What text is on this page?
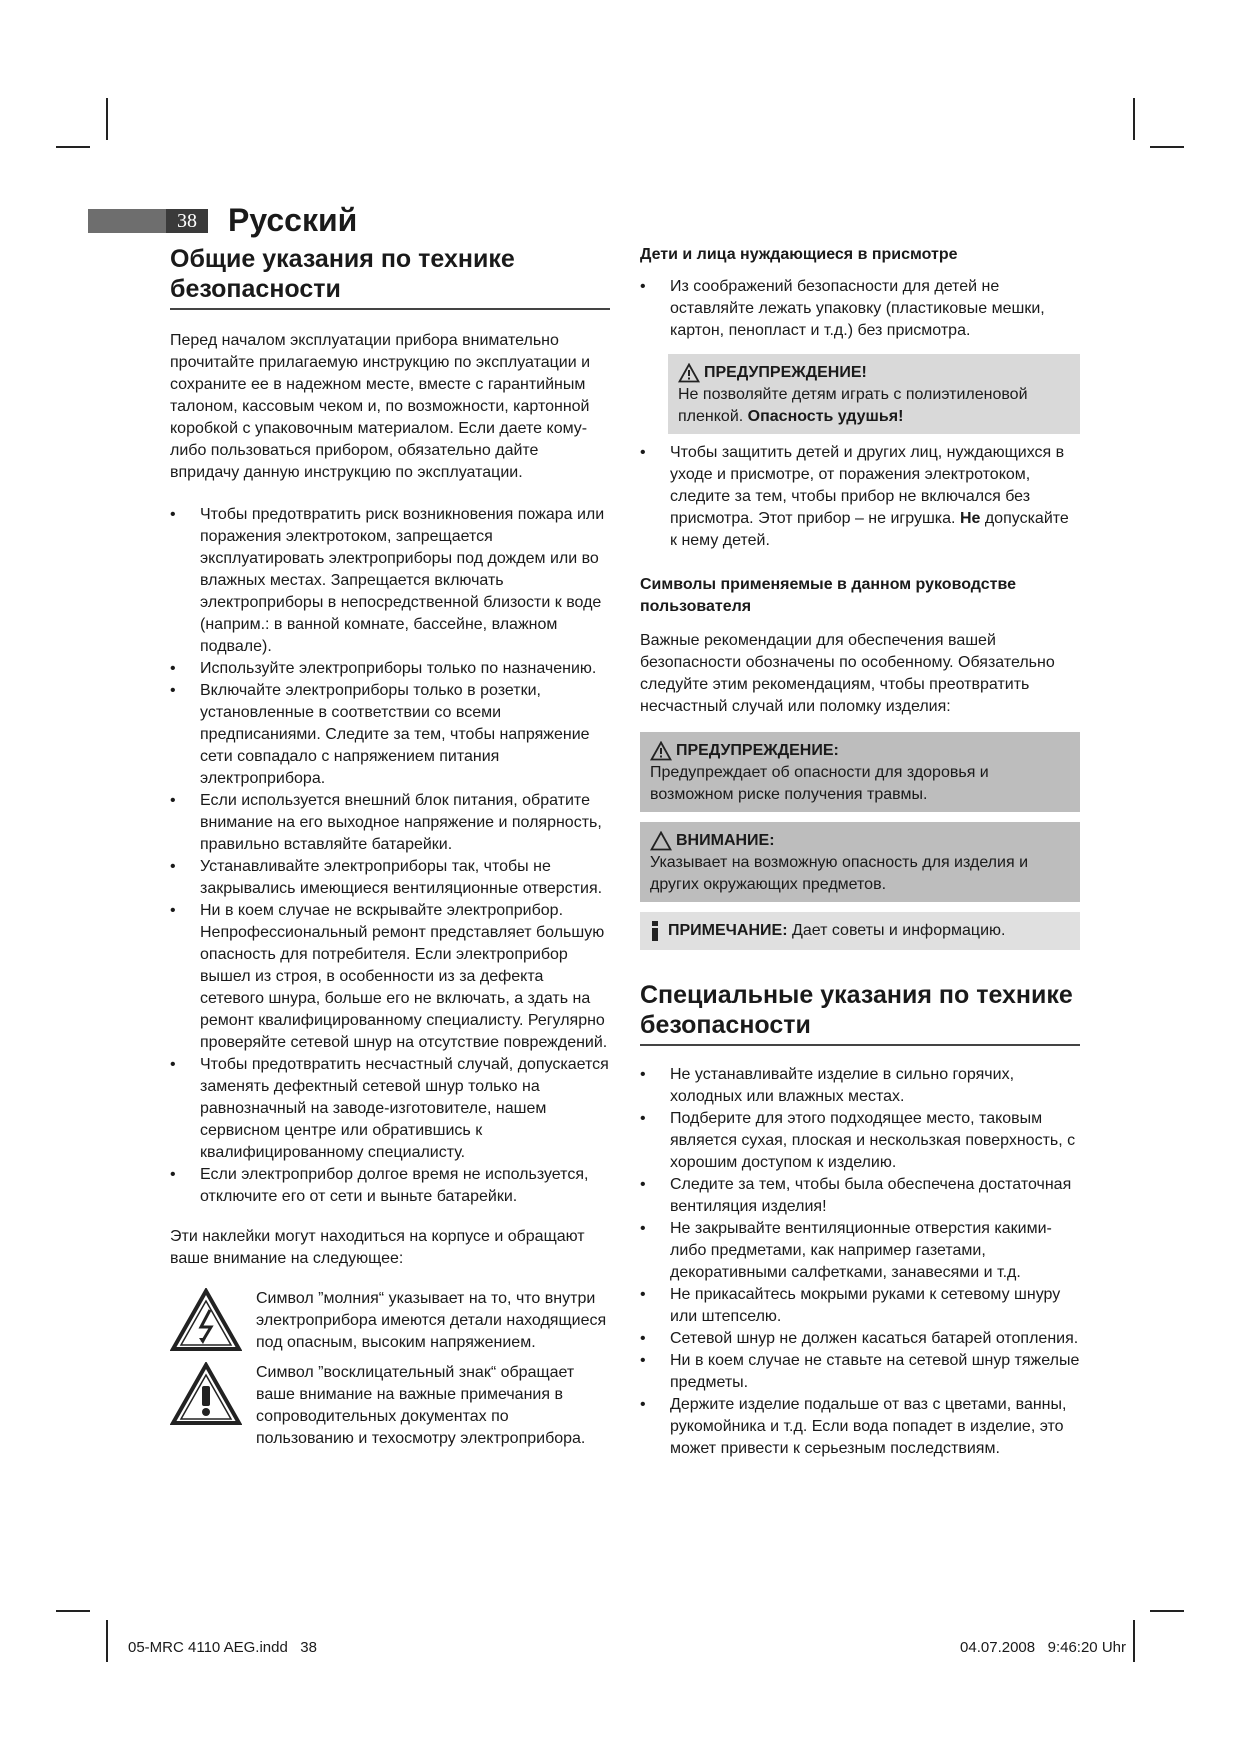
38 Русский
Общие указания по технике безопасности

Перед началом эксплуатации прибора внимательно прочитайте прилагаемую инструкцию по эксплуатации и сохраните ее в надежном месте, вместе с гарантийным талоном, кассовым чеком и, по возможности, картонной коробкой с упаковочным материалом. Если даете кому-либо пользоваться прибором, обязательно дайте впридачу данную инструкцию по эксплуатации.

• Чтобы предотвратить риск возникновения пожара или поражения электротоком, запрещается эксплуатировать электроприборы под дождем или во влажных местах. Запрещается включать электроприборы в непосредственной близости к воде (наприм.: в ванной комнате, бассейне, влажном подвале).
• Используйте электроприборы только по назначению.
• Включайте электроприборы только в розетки, установленные в соответствии со всеми предписаниями. Следите за тем, чтобы напряжение сети совпадало с напряжением питания электроприбора.
• Если используется внешний блок питания, обратите внимание на его выходное напряжение и полярность, правильно вставляйте батарейки.
• Устанавливайте электроприборы так, чтобы не закрывались имеющиеся вентиляционные отверстия.
• Ни в коем случае не вскрывайте электроприбор. Непрофессиональный ремонт представляет большую опасность для потребителя. Если электроприбор вышел из строя, в особенности из за дефекта сетевого шнура, больше его не включать, а здать на ремонт квалифицированному специалисту. Регулярно проверяйте сетевой шнур на отсутствие повреждений.
• Чтобы предотвратить несчастный случай, допускается заменять дефектный сетевой шнур только на равнозначный на заводе-изготовителе, нашем сервисном центре или обратившись к квалифицированному специалисту.
• Если электроприбор долгое время не используется, отключите его от сети и выньте батарейки.

Эти наклейки могут находиться на корпусе и обращают ваше внимание на следующее:

Символ ”молния“ указывает на то, что внутри электроприбора имеются детали находящиеся под опасным, высоким напряжением.

Символ ”восклицательный знак“ обращает ваше внимание на важные примечания в сопроводительных документах по пользованию и техосмотру электроприбора.

Дети и лица нуждающиеся в присмотре
• Из соображений безопасности для детей не оставляйте лежать упаковку (пластиковые мешки, картон, пенопласт и т.д.) без присмотра.
ПРЕДУПРЕЖДЕНИЕ!
Не позволяйте детям играть с полиэтиленовой пленкой. Опасность удушья!
• Чтобы защитить детей и других лиц, нуждающихся в уходе и присмотре, от поражения электротоком, следите за тем, чтобы прибор не включался без присмотра. Этот прибор – не игрушка. Не допускайте к нему детей.
Символы применяемые в данном руководстве пользователя

Важные рекомендации для обеспечения вашей безопасности обозначены по особенному. Обязательно следуйте этим рекомендациям, чтобы преотвратить несчастный случай или поломку изделия:

ПРЕДУПРЕЖДЕНИЕ:
Предупреждает об опасности для здоровья и возможном риске получения травмы.
ВНИМАНИЕ:
Указывает на возможную опасность для изделия и других окружающих предметов.
ПРИМЕЧАНИЕ: Дает советы и информацию.
Специальные указания по технике безопасности
• Не устанавливайте изделие в сильно горячих, холодных или влажных местах.
• Подберите для этого подходящее место, таковым является сухая, плоская и нескользкая поверхность, с хорошим доступом к изделию.
• Следите за тем, чтобы была обеспечена достаточная вентиляция изделия!
• Не закрывайте вентиляционные отверстия какими-либо предметами, как например газетами, декоративными салфетками, занавесями и т.д.
• Не прикасайтесь мокрыми руками к сетевому шнуру или штепселю.
• Сетевой шнур не должен касаться батарей отопления.
• Ни в коем случае не ставьте на сетевой шнур тяжелые предметы.
• Держите изделие подальше от ваз с цветами, ванны, рукомойника и т.д. Если вода попадет в изделие, это может привести к серьезным последствиям.
05-MRC 4110 AEG.indd   38	04.07.2008   9:46:20 Uhr
